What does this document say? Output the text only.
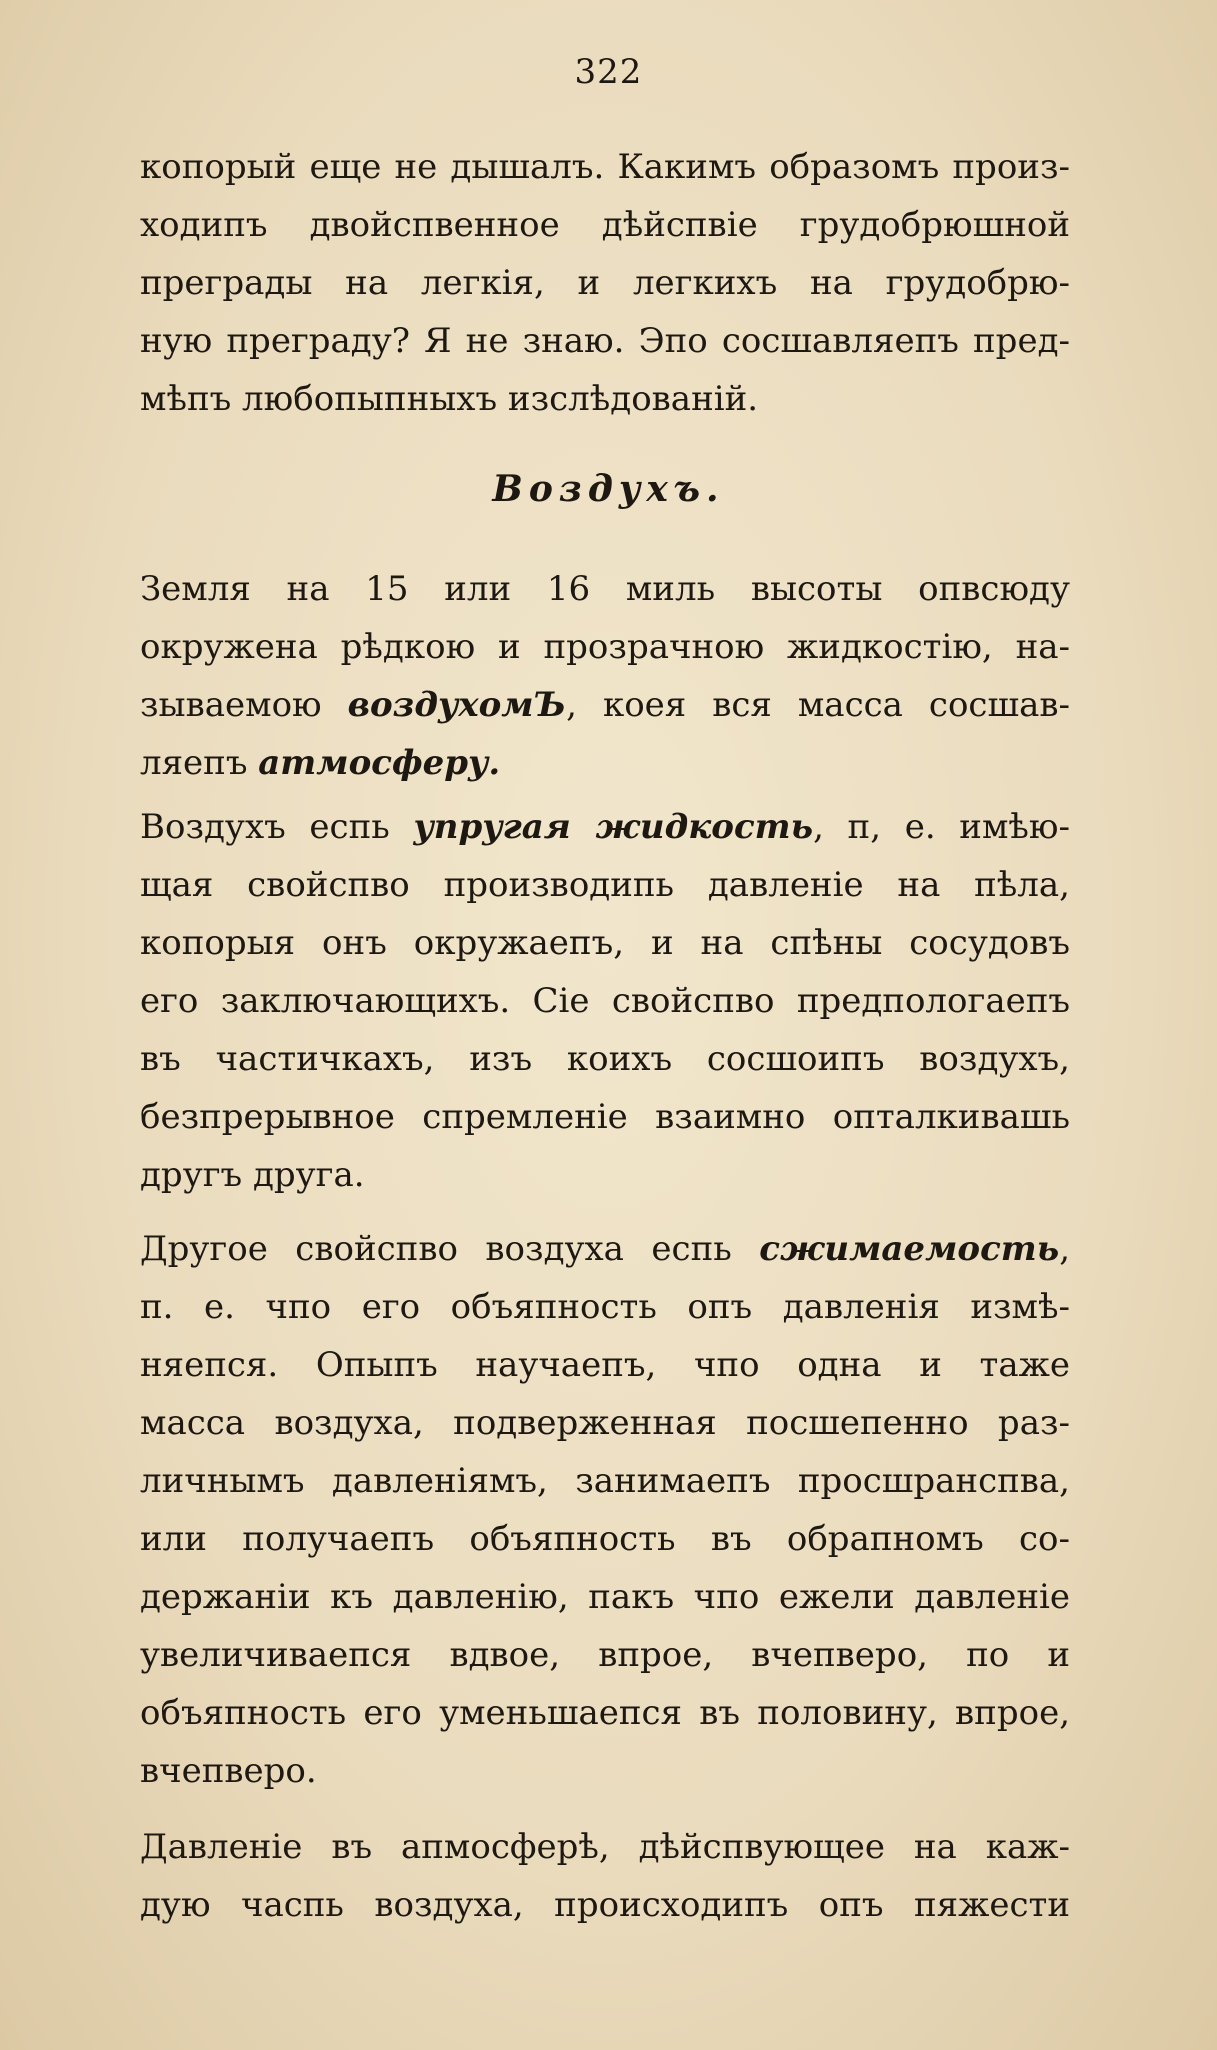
322
копорый еще не дышалъ. Какимъ образомъ произ-
ходипъ двойспвенное дѣйспвіе грудобрюшной
преграды на легкія, и легкихъ на грудобрю-
ную преграду? Я не знаю. Эпо сосшавляепъ пред-
мѣпъ любопыпныхъ изслѣдованій.
Воздухъ.
Земля на 15 или 16 миль высоты опвсюду
окружена рѣдкою и прозрачною жидкостію, на-
зываемою воздухомЪ, коея вся масса сосшав-
ляепъ атмосферу.
Воздухъ еспь упругая жидкость, п, е. имѣю-
щая свойспво производипь давленіе на пѣла,
копорыя онъ окружаепъ, и на спѣны сосудовъ
его заключающихъ. Сіе свойспво предпологаепъ
въ частичкахъ, изъ коихъ сосшоипъ воздухъ,
безпрерывное спремленіе взаимно опталкивашь
другъ друга.
Другое свойспво воздуха еспь сжимаемость,
п. е. чпо его объяпность опъ давленія измѣ-
няепся. Опыпъ научаепъ, чпо одна и таже
масса воздуха, подверженная посшепенно раз-
личнымъ давленіямъ, занимаепъ просшранспва,
или получаепъ объяпность въ обрапномъ со-
держаніи къ давленію, пакъ чпо ежели давленіе
увеличиваепся вдвое, впрое, вчепверо, по и
объяпность его уменьшаепся въ половину, впрое,
вчепверо.
Давленіе въ апмосферѣ, дѣйспвующее на каж-
дую часпь воздуха, происходипъ опъ пяжести
